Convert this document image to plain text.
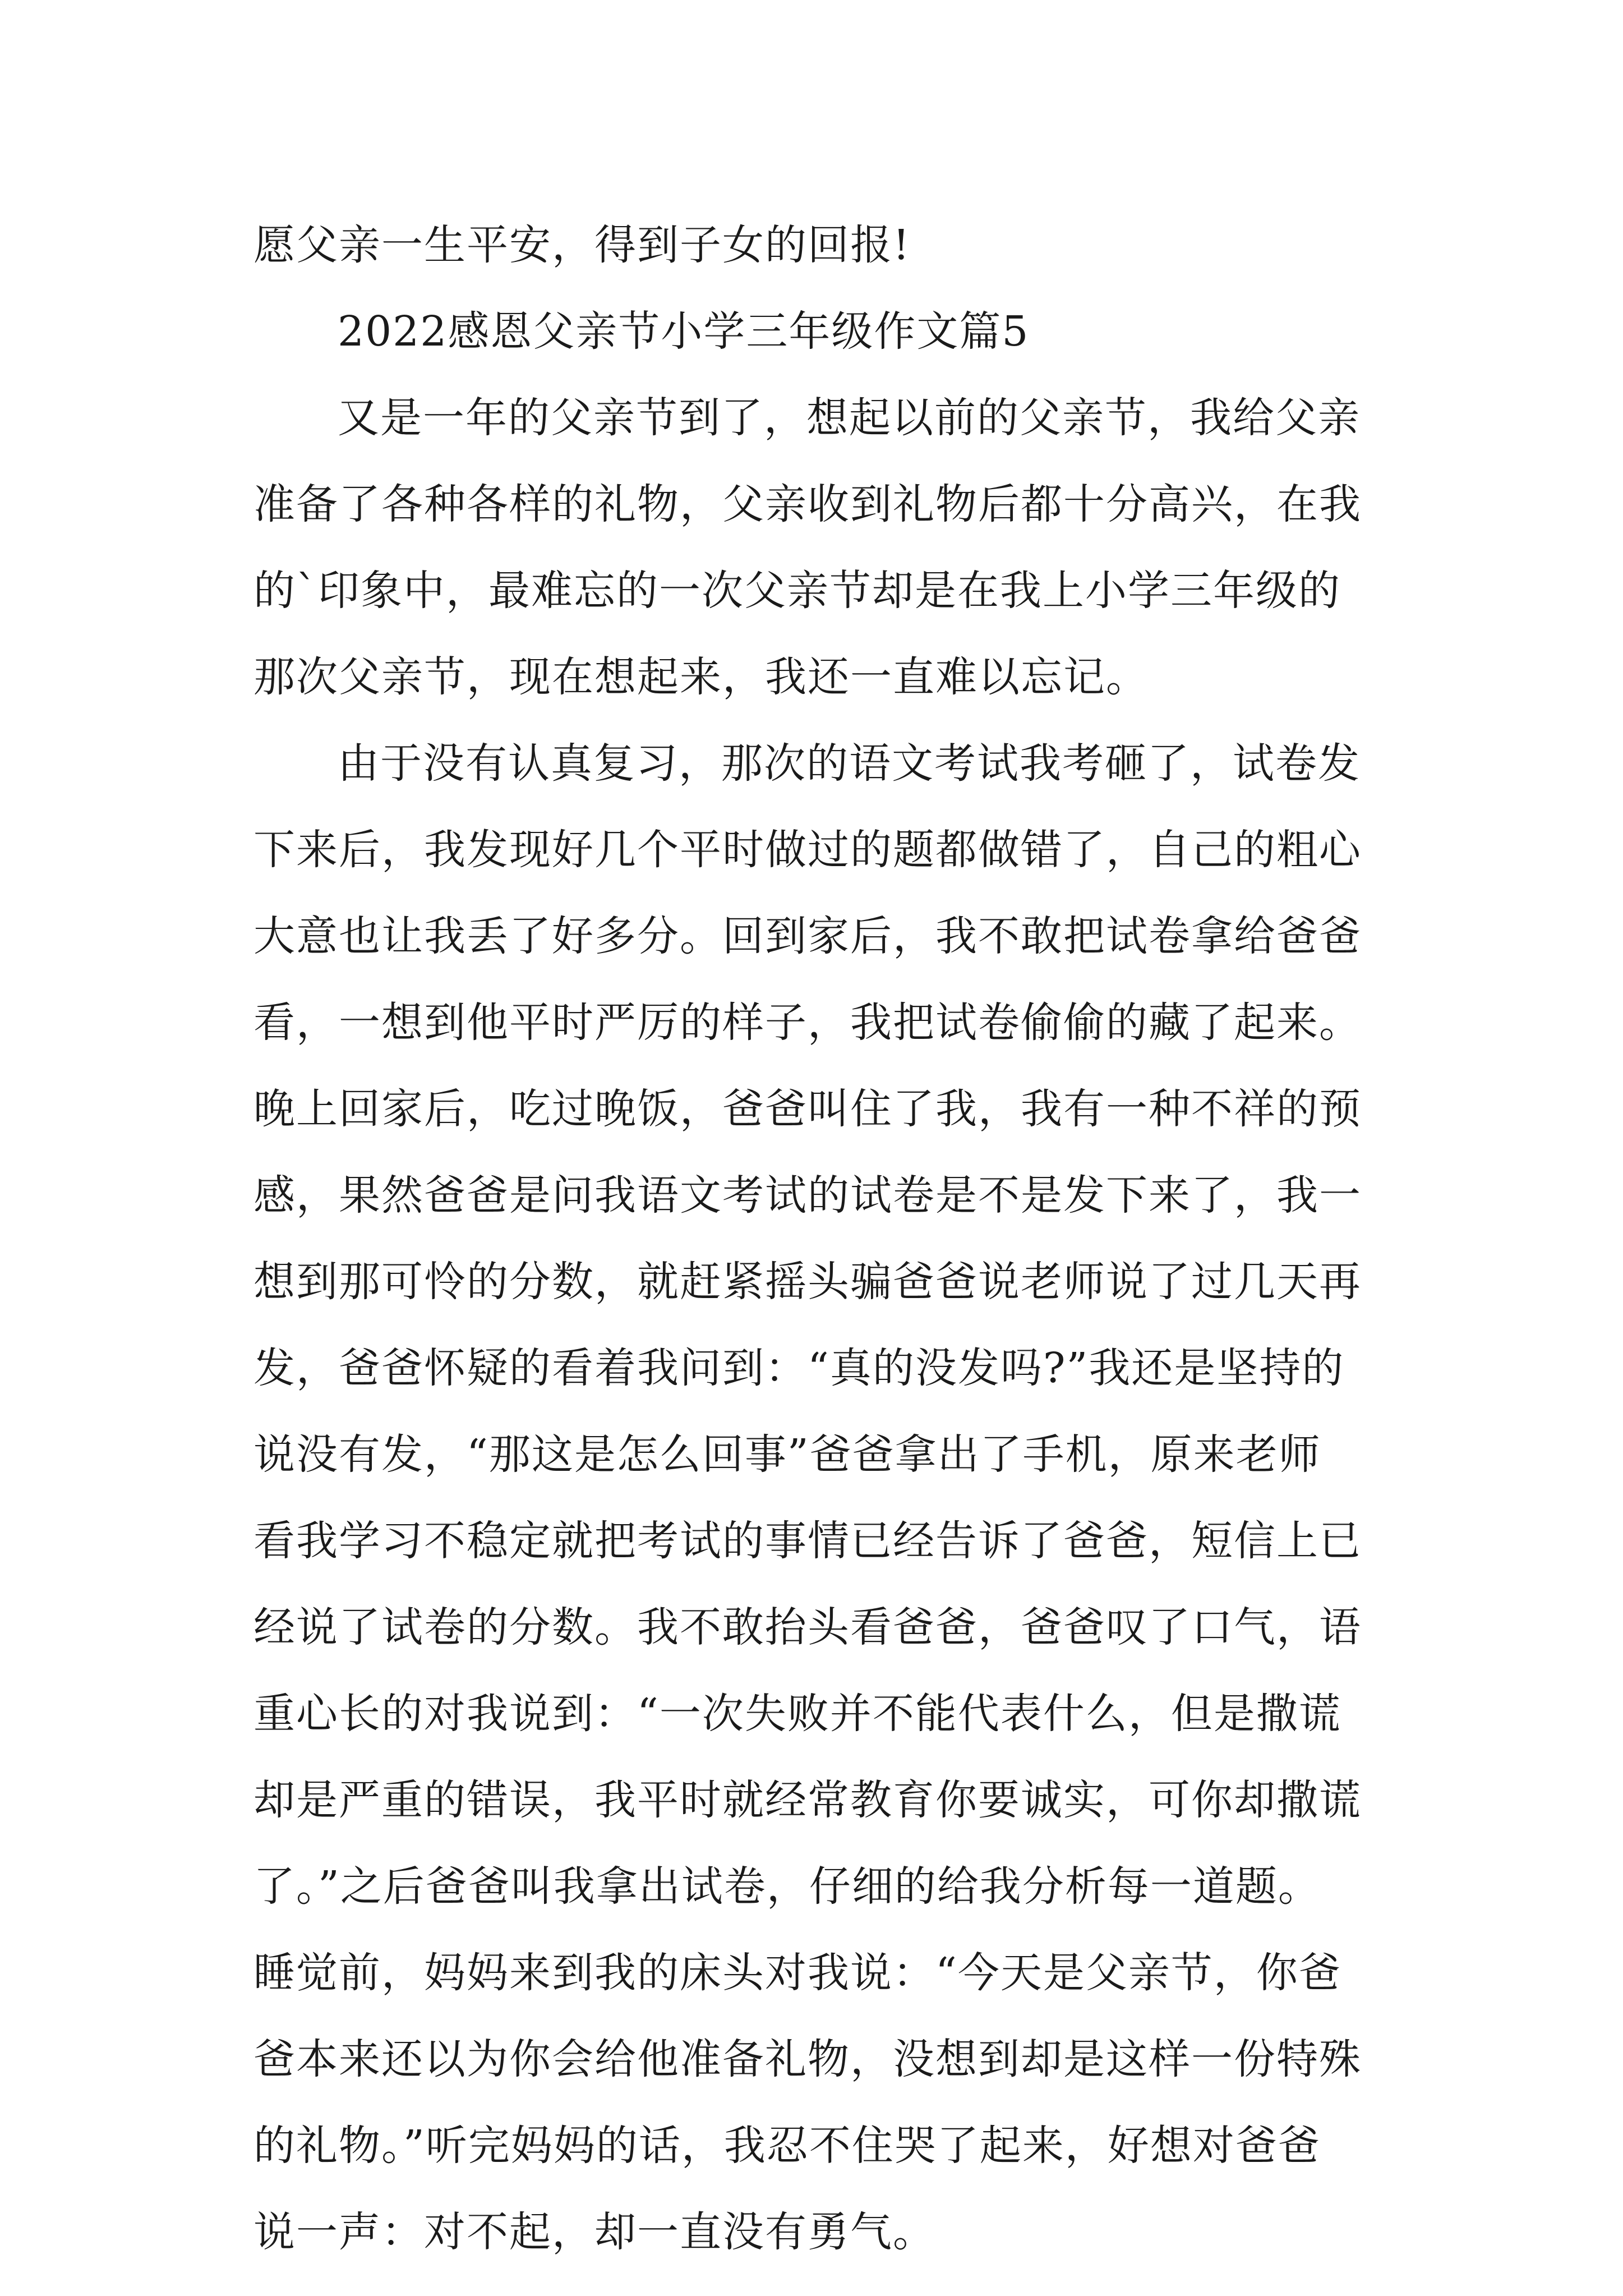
愿父亲一生平安，得到子女的回报!
2022感恩父亲节小学三年级作文篇5
又是一年的父亲节到了，想起以前的父亲节，我给父亲
准备了各种各样的礼物，父亲收到礼物后都十分高兴，在我
的`印象中，最难忘的一次父亲节却是在我上小学三年级的
那次父亲节，现在想起来，我还一直难以忘记。
由于没有认真复习，那次的语文考试我考砸了，试卷发
下来后，我发现好几个平时做过的题都做错了，自己的粗心
大意也让我丢了好多分。回到家后，我不敢把试卷拿给爸爸
看，一想到他平时严厉的样子，我把试卷偷偷的藏了起来。
晚上回家后，吃过晚饭，爸爸叫住了我，我有一种不祥的预
感，果然爸爸是问我语文考试的试卷是不是发下来了，我一
想到那可怜的分数，就赶紧摇头骗爸爸说老师说了过几天再
发，爸爸怀疑的看着我问到：“真的没发吗?”我还是坚持的
说没有发，“那这是怎么回事”爸爸拿出了手机，原来老师
看我学习不稳定就把考试的事情已经告诉了爸爸，短信上已
经说了试卷的分数。我不敢抬头看爸爸，爸爸叹了口气，语
重心长的对我说到：“一次失败并不能代表什么，但是撒谎
却是严重的错误，我平时就经常教育你要诚实，可你却撒谎
了。”之后爸爸叫我拿出试卷，仔细的给我分析每一道题。
睡觉前，妈妈来到我的床头对我说：“今天是父亲节，你爸
爸本来还以为你会给他准备礼物，没想到却是这样一份特殊
的礼物。”听完妈妈的话，我忍不住哭了起来，好想对爸爸
说一声：对不起，却一直没有勇气。
